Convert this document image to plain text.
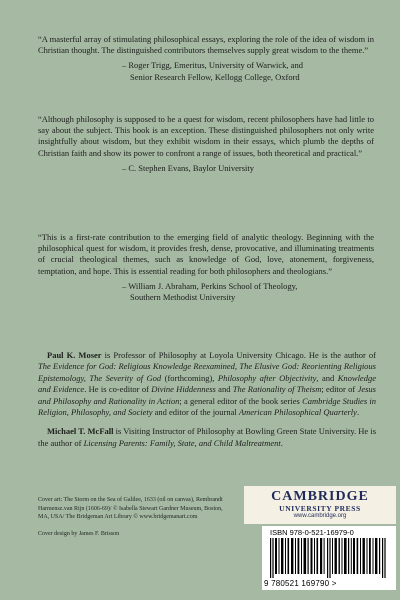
“A masterful array of stimulating philosophical essays, exploring the role of the idea of wisdom in Christian thought. The distinguished contributors themselves supply great wisdom to the theme.”

– Roger Trigg, Emeritus, University of Warwick, and
Senior Research Fellow, Kellogg College, Oxford

“Although philosophy is supposed to be a quest for wisdom, recent philosophers have had little to say about the subject. This book is an exception. These distinguished philosophers not only write insightfully about wisdom, but they exhibit wisdom in their essays, which plumb the depths of Christian faith and show its power to confront a range of issues, both theoretical and practical.”

– C. Stephen Evans, Baylor University

“This is a first-rate contribution to the emerging field of analytic theology. Beginning with the philosophical quest for wisdom, it provides fresh, dense, provocative, and illuminating treatments of crucial theological themes, such as knowledge of God, love, atonement, forgiveness, temptation, and hope. This is essential reading for both philosophers and theologians.”

– William J. Abraham, Perkins School of Theology,
Southern Methodist University

Paul K. Moser is Professor of Philosophy at Loyola University Chicago. He is the author of The Evidence for God: Religious Knowledge Reexamined, The Elusive God: Reorienting Religious Epistemology, The Severity of God (forthcoming), Philosophy after Objectivity, and Knowledge and Evidence. He is co-editor of Divine Hiddenness and The Rationality of Theism; editor of Jesus and Philosophy and Rationality in Action; a general editor of the book series Cambridge Studies in Religion, Philosophy, and Society and editor of the journal American Philosophical Quarterly.

Michael T. McFall is Visiting Instructor of Philosophy at Bowling Green State University. He is the author of Licensing Parents: Family, State, and Child Maltreatment.

Cover art: The Storm on the Sea of Galilee, 1633 (oil on canvas), Rembrandt Harmensz.van Rijn (1606-69)/ © Isabella Stewart Gardner Museum, Boston, MA, USA/ The Bridgeman Art Library © www.bridgemanart.com
Cover design by James F. Brisson
CAMBRIDGE
UNIVERSITY PRESS
www.cambridge.org
ISBN 978-0-521-16979-0
9 780521 169790 >
